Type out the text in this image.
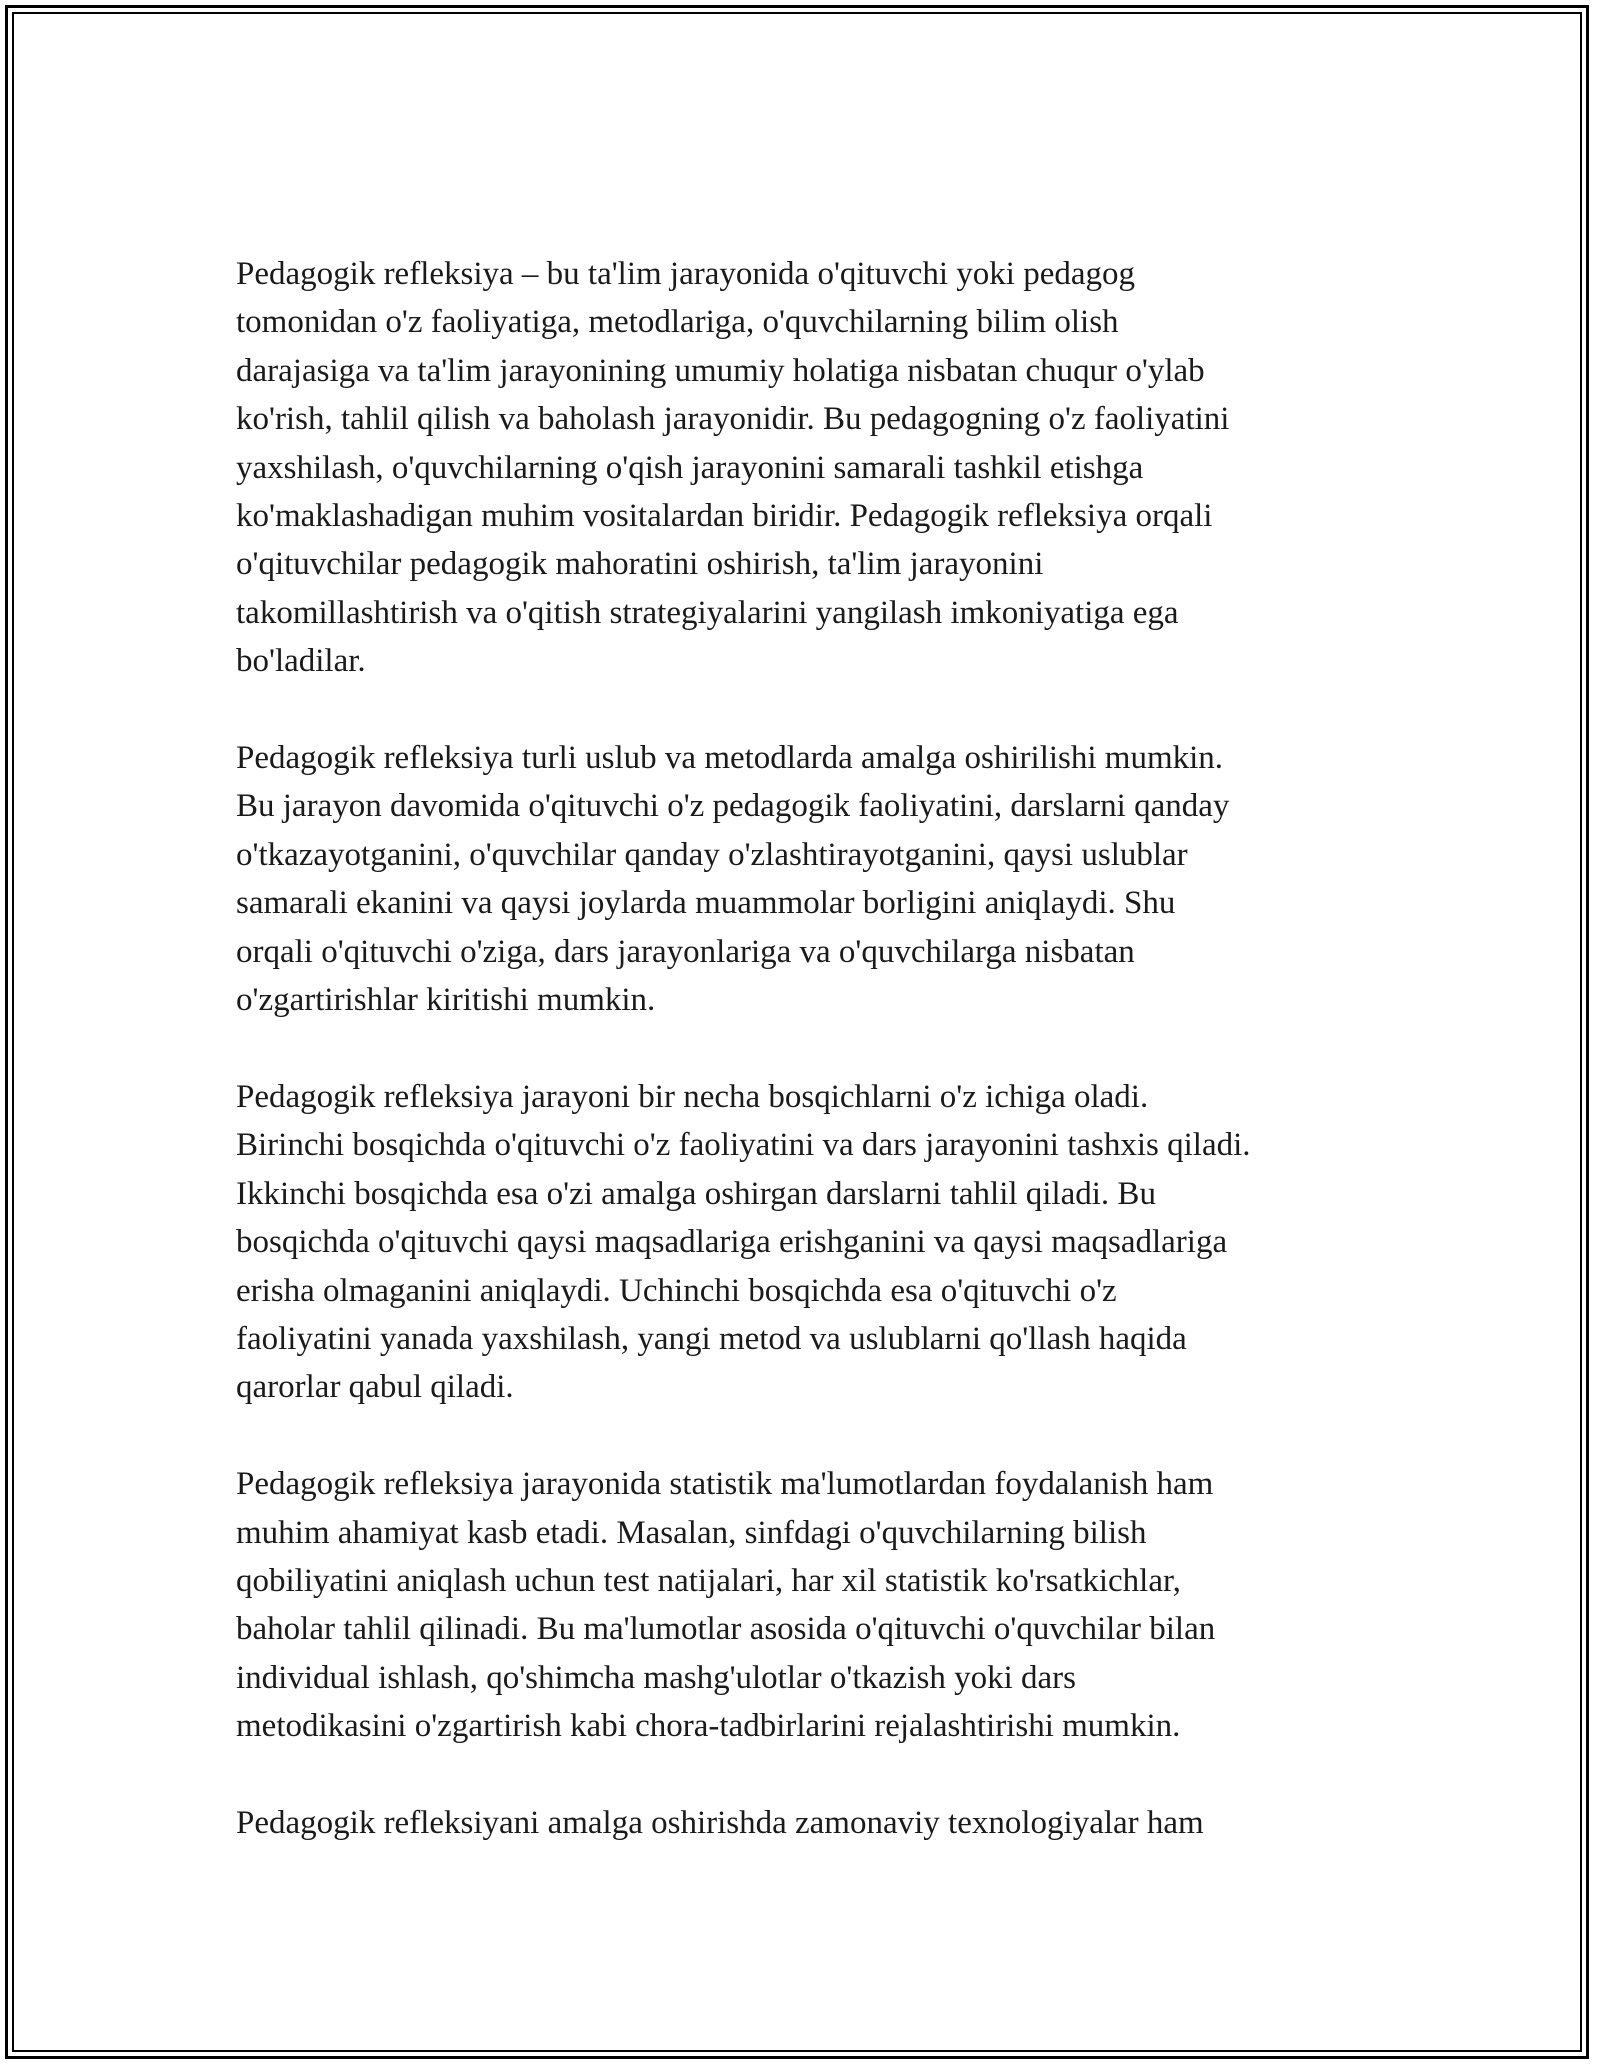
Pedagogik refleksiya – bu ta'lim jarayonida o'qituvchi yoki pedagog
tomonidan o'z faoliyatiga, metodlariga, o'quvchilarning bilim olish
darajasiga va ta'lim jarayonining umumiy holatiga nisbatan chuqur o'ylab
ko'rish, tahlil qilish va baholash jarayonidir. Bu pedagogning o'z faoliyatini
yaxshilash, o'quvchilarning o'qish jarayonini samarali tashkil etishga
ko'maklashadigan muhim vositalardan biridir. Pedagogik refleksiya orqali
o'qituvchilar pedagogik mahoratini oshirish, ta'lim jarayonini
takomillashtirish va o'qitish strategiyalarini yangilash imkoniyatiga ega
bo'ladilar.

Pedagogik refleksiya turli uslub va metodlarda amalga oshirilishi mumkin.
Bu jarayon davomida o'qituvchi o'z pedagogik faoliyatini, darslarni qanday
o'tkazayotganini, o'quvchilar qanday o'zlashtirayotganini, qaysi uslublar
samarali ekanini va qaysi joylarda muammolar borligini aniqlaydi. Shu
orqali o'qituvchi o'ziga, dars jarayonlariga va o'quvchilarga nisbatan
o'zgartirishlar kiritishi mumkin.

Pedagogik refleksiya jarayoni bir necha bosqichlarni o'z ichiga oladi.
Birinchi bosqichda o'qituvchi o'z faoliyatini va dars jarayonini tashxis qiladi.
Ikkinchi bosqichda esa o'zi amalga oshirgan darslarni tahlil qiladi. Bu
bosqichda o'qituvchi qaysi maqsadlariga erishganini va qaysi maqsadlariga
erisha olmaganini aniqlaydi. Uchinchi bosqichda esa o'qituvchi o'z
faoliyatini yanada yaxshilash, yangi metod va uslublarni qo'llash haqida
qarorlar qabul qiladi.

Pedagogik refleksiya jarayonida statistik ma'lumotlardan foydalanish ham
muhim ahamiyat kasb etadi. Masalan, sinfdagi o'quvchilarning bilish
qobiliyatini aniqlash uchun test natijalari, har xil statistik ko'rsatkichlar,
baholar tahlil qilinadi. Bu ma'lumotlar asosida o'qituvchi o'quvchilar bilan
individual ishlash, qo'shimcha mashg'ulotlar o'tkazish yoki dars
metodikasini o'zgartirish kabi chora-tadbirlarini rejalashtirishi mumkin.

Pedagogik refleksiyani amalga oshirishda zamonaviy texnologiyalar ham
